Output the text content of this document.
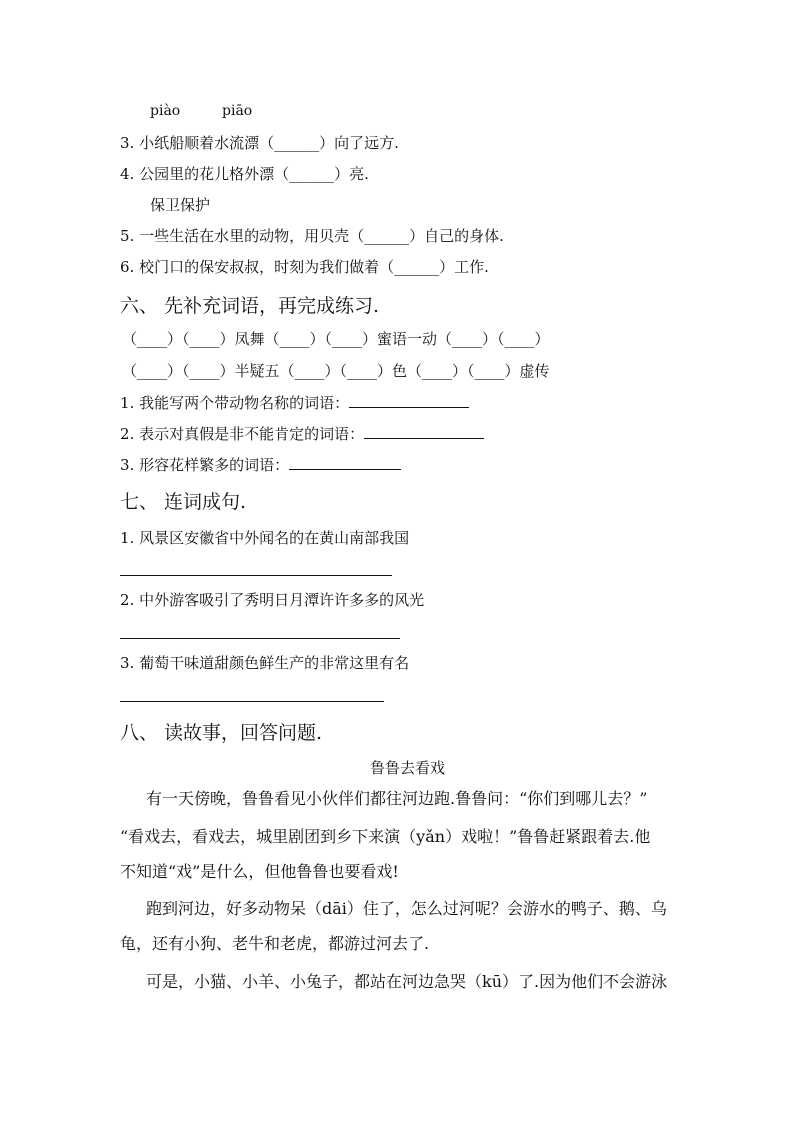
piào	piāo
3. 小纸船顺着水流漂（______）向了远方.
4. 公园里的花儿格外漂（______）亮.
保卫保护
5. 一些生活在水里的动物，用贝壳（______）自己的身体.
6. 校门口的保安叔叔，时刻为我们做着（______）工作.
六、 先补充词语，再完成练习.
（____）（____）凤舞（____）（____）蜜语一动（____）（____）
（____）（____）半疑五（____）（____）色（____）（____）虚传
1. 我能写两个带动物名称的词语：
2. 表示对真假是非不能肯定的词语：
3. 形容花样繁多的词语：
七、 连词成句.
1. 风景区安徽省中外闻名的在黄山南部我国
2. 中外游客吸引了秀明日月潭许许多多的风光
3. 葡萄干味道甜颜色鲜生产的非常这里有名
八、 读故事，回答问题.
鲁鲁去看戏
有一天傍晚，鲁鲁看见小伙伴们都往河边跑.鲁鲁问：“你们到哪儿去？”
“看戏去，看戏去，城里剧团到乡下来演（yǎn）戏啦！”鲁鲁赶紧跟着去.他
不知道“戏”是什么，但他鲁鲁也要看戏!
跑到河边，好多动物呆（dāi）住了，怎么过河呢？会游水的鸭子、鹅、乌
龟，还有小狗、老牛和老虎，都游过河去了.
可是，小猫、小羊、小兔子，都站在河边急哭（kū）了.因为他们不会游泳
